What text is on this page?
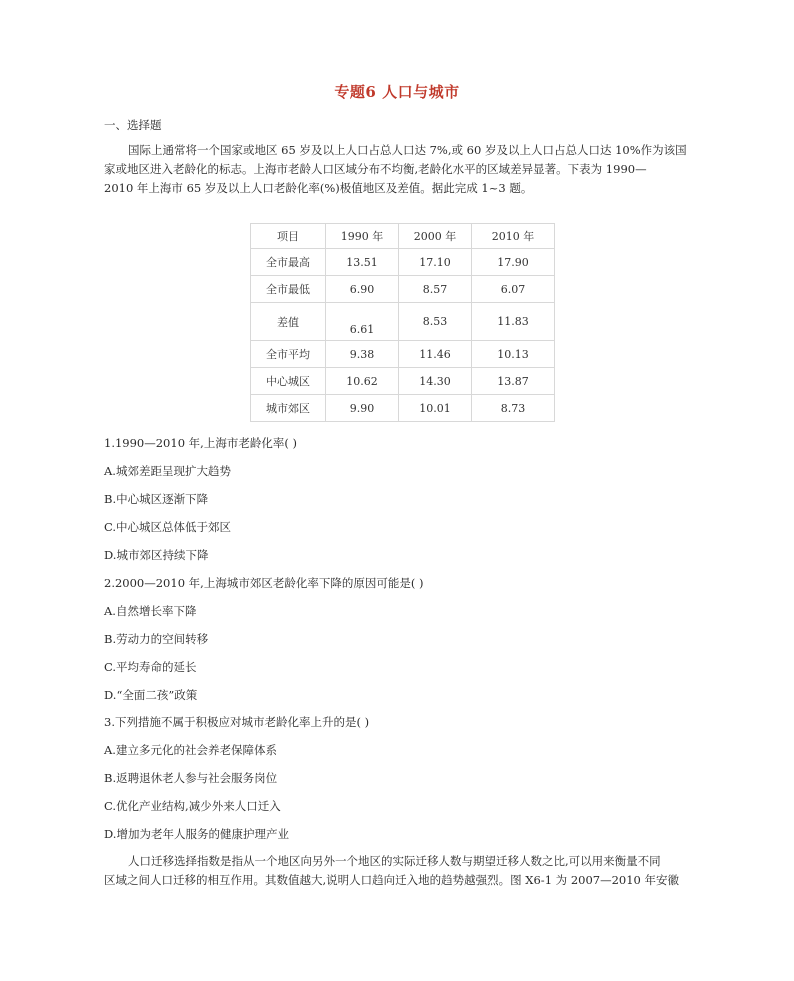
专题6 人口与城市
一、选择题
国际上通常将一个国家或地区 65 岁及以上人口占总人口达 7%,或 60 岁及以上人口占总人口达 10%作为该国
家或地区进入老龄化的标志。上海市老龄人口区域分布不均衡,老龄化水平的区域差异显著。下表为 1990—
2010 年上海市 65 岁及以上人口老龄化率(%)极值地区及差值。据此完成 1~3 题。
项目	1990 年	2000 年	2010 年
全市最高	13.51	17.10	17.90
全市最低	6.90	8.57	6.07
差值	6.61	8.53	11.83
全市平均	9.38	11.46	10.13
中心城区	10.62	14.30	13.87
城市郊区	9.90	10.01	8.73
1.1990—2010 年,上海市老龄化率( )
A.城郊差距呈现扩大趋势
B.中心城区逐渐下降
C.中心城区总体低于郊区
D.城市郊区持续下降
2.2000—2010 年,上海城市郊区老龄化率下降的原因可能是( )
A.自然增长率下降
B.劳动力的空间转移
C.平均寿命的延长
D.“全面二孩”政策
3.下列措施不属于积极应对城市老龄化率上升的是( )
A.建立多元化的社会养老保障体系
B.返聘退休老人参与社会服务岗位
C.优化产业结构,减少外来人口迁入
D.增加为老年人服务的健康护理产业
人口迁移选择指数是指从一个地区向另外一个地区的实际迁移人数与期望迁移人数之比,可以用来衡量不同
区域之间人口迁移的相互作用。其数值越大,说明人口趋向迁入地的趋势越强烈。图 X6-1 为 2007—2010 年安徽
